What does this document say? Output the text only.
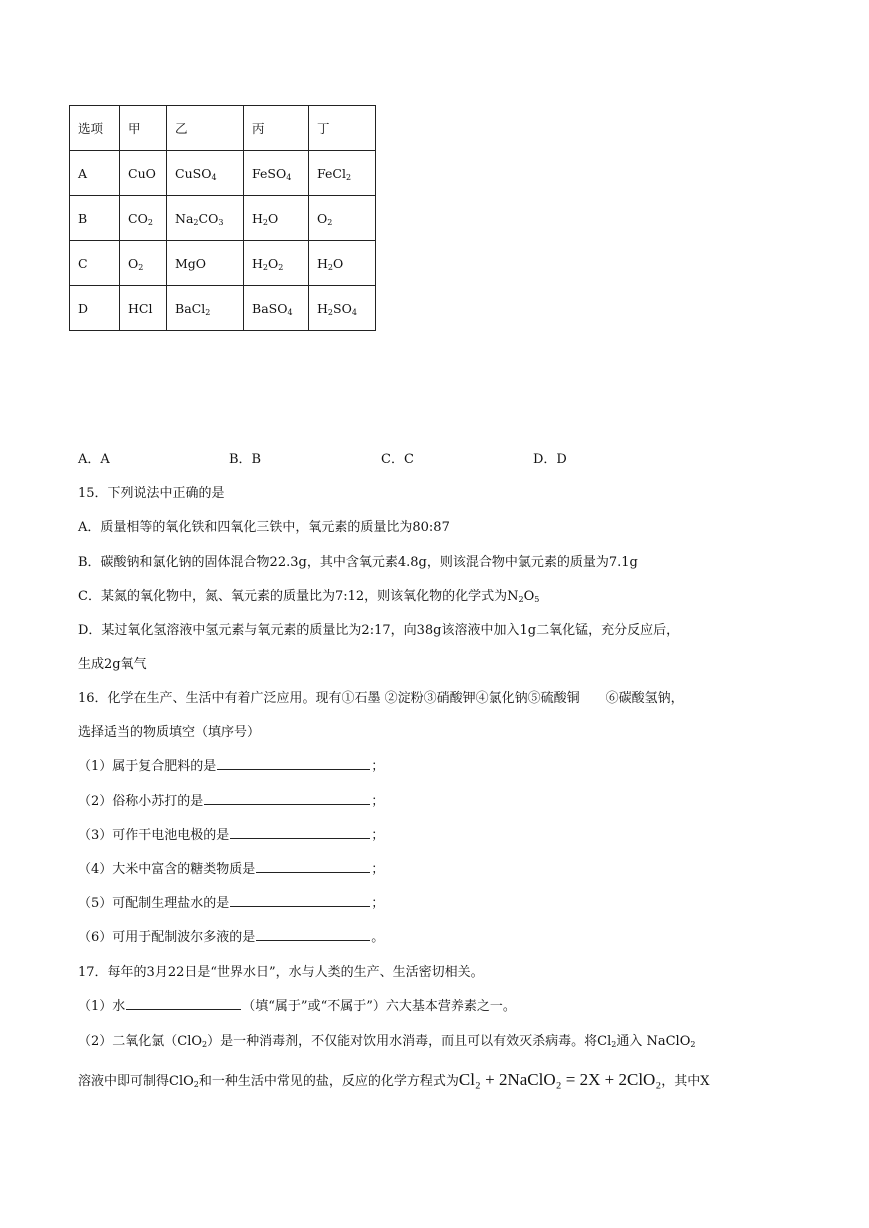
选项	甲	乙	丙	丁
A	CuO	CuSO$_4$	FeSO$_4$	FeCl$_2$
B	$CO_2$	$Na_2CO_3$	$H_2O$	$O_2$
C	$O_2$	MgO	$H_2O_2$	$H_2O$
D	HCl	BaCl$_2$	BaSO$_4$	$H_2SO_4$
A．A	B．B	C．C	D．D
15．下列说法中正确的是
A．质量相等的氧化铁和四氧化三铁中，氧元素的质量比为80:87
B．碳酸钠和氯化钠的固体混合物22.3g，其中含氧元素4.8g，则该混合物中氯元素的质量为7.1g
C．某氮的氧化物中，氮、氧元素的质量比为7:12，则该氧化物的化学式为$N_2O_5$
D．某过氧化氢溶液中氢元素与氧元素的质量比为2:17，向38g该溶液中加入1g二氧化锰，充分反应后，
生成2g氧气
16．化学在生产、生活中有着广泛应用。现有①石墨 ②淀粉③硝酸钾④氯化钠⑤硫酸铜　　⑥碳酸氢钠，
选择适当的物质填空（填序号）
（1）属于复合肥料的是	；
（2）俗称小苏打的是	；
（3）可作干电池电极的是	；
（4）大米中富含的糖类物质是	；
（5）可配制生理盐水的是	；
（6）可用于配制波尔多液的是	。
17．每年的3月22日是“世界水日”，水与人类的生产、生活密切相关。
（1）水	（填“属于”或“不属于”）六大基本营养素之一。
（2）二氧化氯（ClO$_2$）是一种消毒剂，不仅能对饮用水消毒，而且可以有效灭杀病毒。将$Cl_2$通入 NaClO$_2$
溶液中即可制得ClO$_2$和一种生活中常见的盐，反应的化学方程式为Cl₂ + 2NaClO₂ = 2X + 2ClO₂，其中X
